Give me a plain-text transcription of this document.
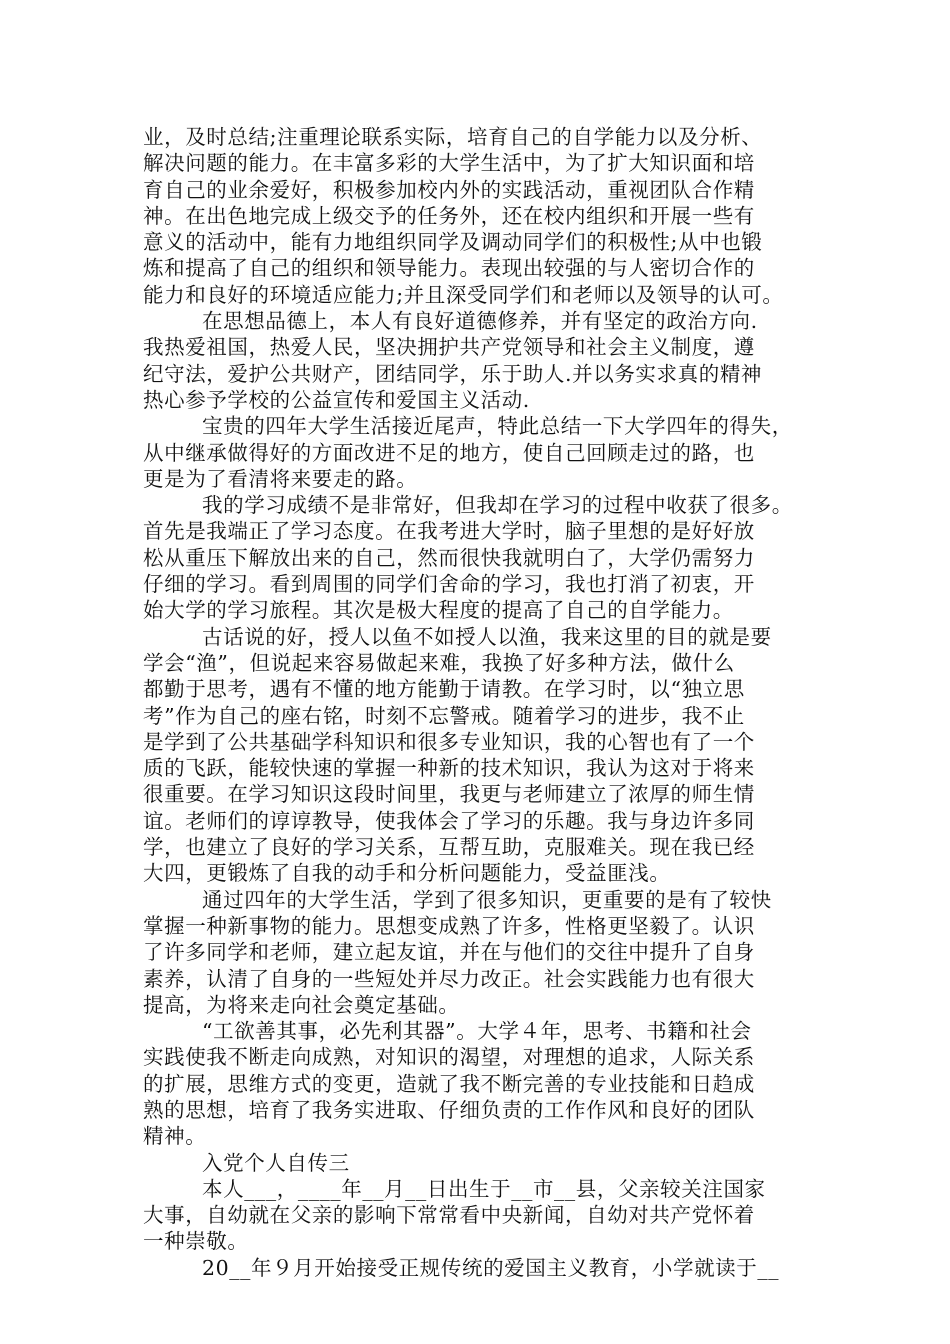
业，及时总结;注重理论联系实际，培育自己的自学能力以及分析、
解决问题的能力。在丰富多彩的大学生活中，为了扩大知识面和培
育自己的业余爱好，积极参加校内外的实践活动，重视团队合作精
神。在出色地完成上级交予的任务外，还在校内组织和开展一些有
意义的活动中，能有力地组织同学及调动同学们的积极性;从中也锻
炼和提高了自己的组织和领导能力。表现出较强的与人密切合作的
能力和良好的环境适应能力;并且深受同学们和老师以及领导的认可。
在思想品德上，本人有良好道德修养，并有坚定的政治方向.
我热爱祖国，热爱人民，坚决拥护共产党领导和社会主义制度，遵
纪守法，爱护公共财产，团结同学，乐于助人.并以务实求真的精神
热心参予学校的公益宣传和爱国主义活动.
宝贵的四年大学生活接近尾声，特此总结一下大学四年的得失，
从中继承做得好的方面改进不足的地方，使自己回顾走过的路，也
更是为了看清将来要走的路。
我的学习成绩不是非常好，但我却在学习的过程中收获了很多。
首先是我端正了学习态度。在我考进大学时，脑子里想的是好好放
松从重压下解放出来的自己，然而很快我就明白了，大学仍需努力
仔细的学习。看到周围的同学们舍命的学习，我也打消了初衷，开
始大学的学习旅程。其次是极大程度的提高了自己的自学能力。
古话说的好，授人以鱼不如授人以渔，我来这里的目的就是要
学会“渔”，但说起来容易做起来难，我换了好多种方法，做什么
都勤于思考，遇有不懂的地方能勤于请教。在学习时，以“独立思
考”作为自己的座右铭，时刻不忘警戒。随着学习的进步，我不止
是学到了公共基础学科知识和很多专业知识，我的心智也有了一个
质的飞跃，能较快速的掌握一种新的技术知识，我认为这对于将来
很重要。在学习知识这段时间里，我更与老师建立了浓厚的师生情
谊。老师们的谆谆教导，使我体会了学习的乐趣。我与身边许多同
学，也建立了良好的学习关系，互帮互助，克服难关。现在我已经
大四，更锻炼了自我的动手和分析问题能力，受益匪浅。
通过四年的大学生活，学到了很多知识，更重要的是有了较快
掌握一种新事物的能力。思想变成熟了许多，性格更坚毅了。认识
了许多同学和老师，建立起友谊，并在与他们的交往中提升了自身
素养，认清了自身的一些短处并尽力改正。社会实践能力也有很大
提高，为将来走向社会奠定基础。
“工欲善其事，必先利其器”。大学４年，思考、书籍和社会
实践使我不断走向成熟，对知识的渴望，对理想的追求，人际关系
的扩展，思维方式的变更，造就了我不断完善的专业技能和日趋成
熟的思想，培育了我务实进取、仔细负责的工作作风和良好的团队
精神。
入党个人自传三
本人___，____年__月__日出生于__市__县，父亲较关注国家
大事，自幼就在父亲的影响下常常看中央新闻，自幼对共产党怀着
一种崇敬。
20__年９月开始接受正规传统的爱国主义教育，小学就读于__
